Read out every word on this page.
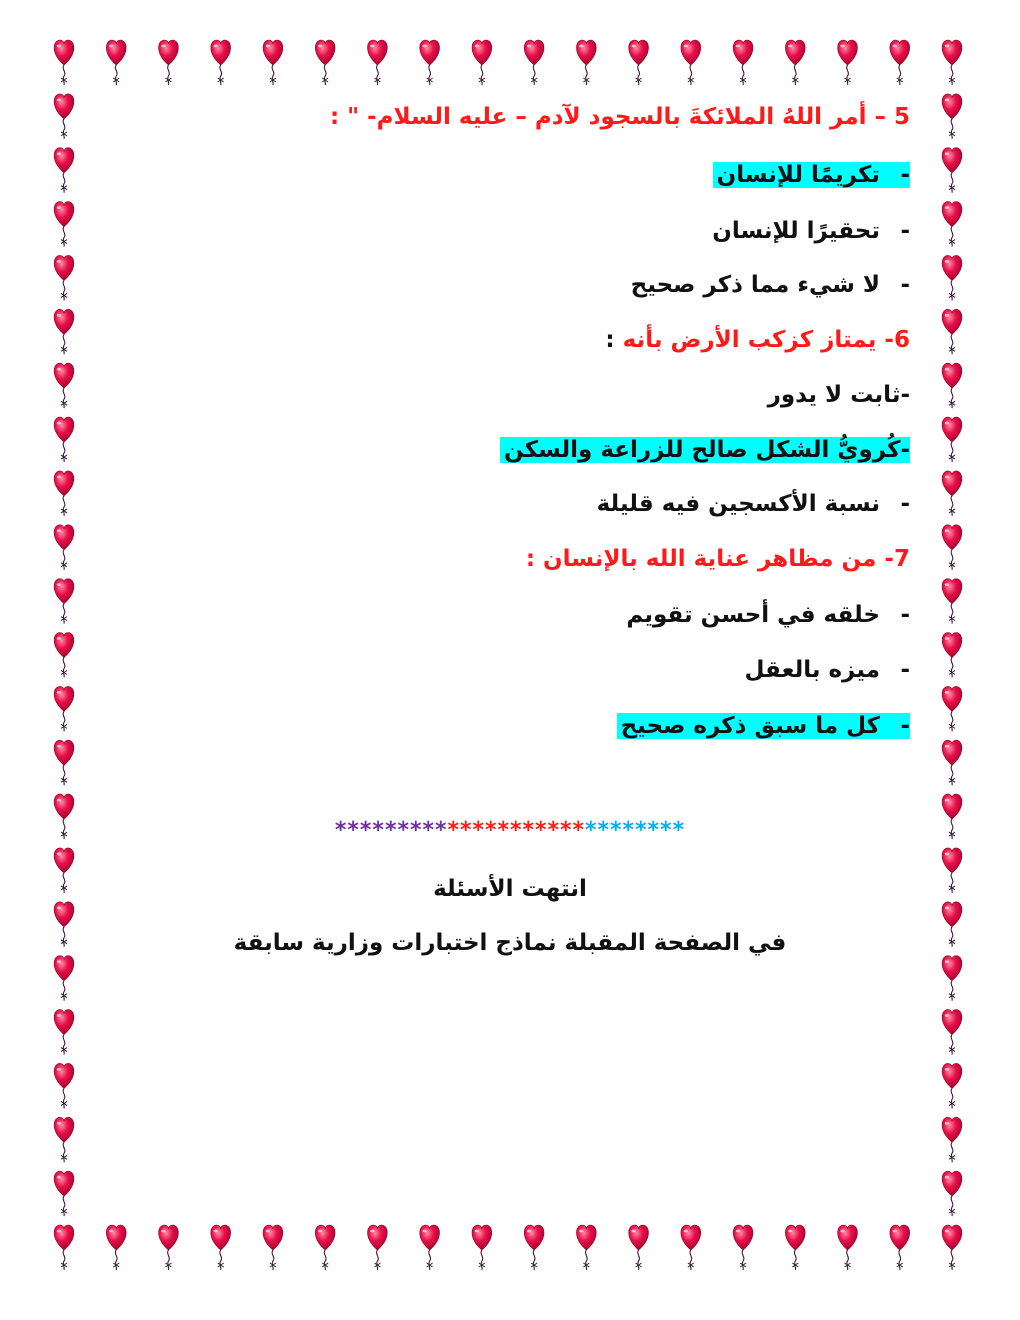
5 – أمر اللهُ الملائكةَ بالسجود لآدم – عليه السلام- " :
-تكريمًا للإنسان
-تحقيرًا للإنسان
-لا شيء مما ذكر صحيح
6- يمتاز كزكب الأرض بأنه :
-ثابت لا يدور
-كُرويُّ الشكل صالح للزراعة والسكن
-نسبة الأكسجين فيه قليلة
7- من مظاهر عناية الله بالإنسان :
-خلقه في أحسن تقويم
-ميزه بالعقل
-كل ما سبق ذكره صحيح
****************************
انتهت الأسئلة
في الصفحة المقبلة نماذج اختبارات وزارية سابقة
